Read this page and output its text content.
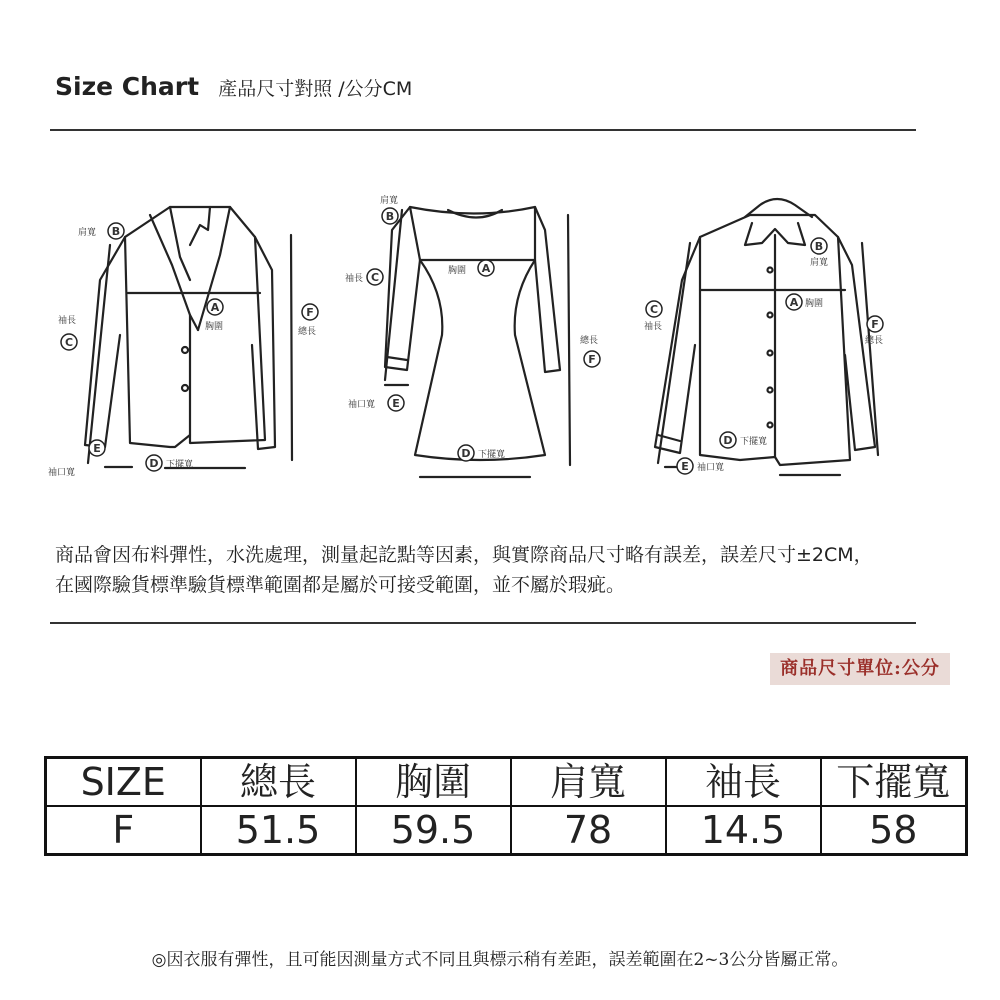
Size Chart 產品尺寸對照 /公分CM
肩寬 B
袖長
C
A
胸圍
F
總長
E
袖口寬
D 下擺寬
肩寬
B
袖長 C	胸圍 A
總長
F
袖口寬 E
D 下擺寬
B
肩寬
C
袖長
A 胸圍
F
總長
D 下擺寬
E 袖口寬

商品會因布料彈性，水洗處理，測量起訖點等因素，與實際商品尺寸略有誤差，誤差尺寸±2CM，

在國際驗貨標準驗貨標準範圍都是屬於可接受範圍，並不屬於瑕疵。

商品尺寸單位:公分
SIZE	總長	胸圍	肩寬	袖長	下擺寬
F	51.5	59.5	78	14.5	58
◎因衣服有彈性，且可能因測量方式不同且與標示稍有差距，誤差範圍在2~3公分皆屬正常。
